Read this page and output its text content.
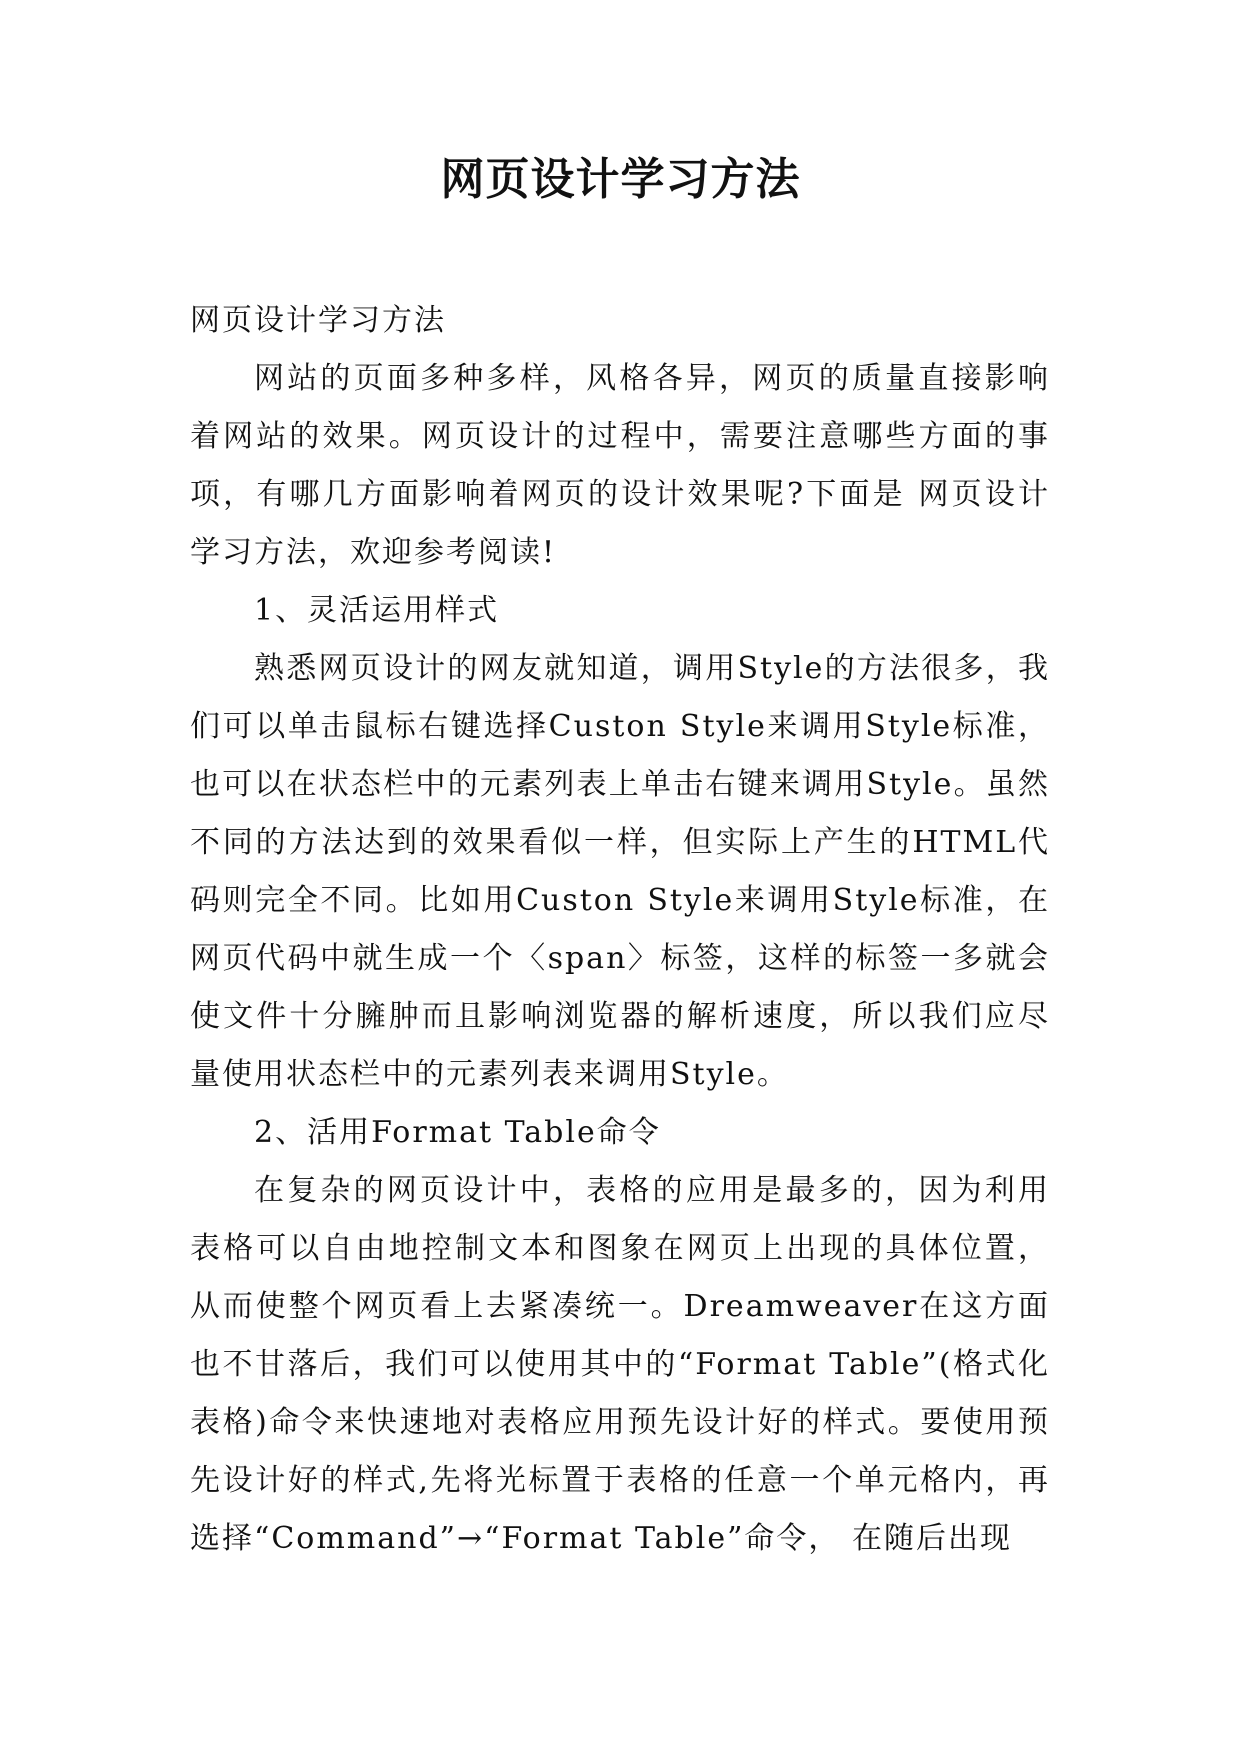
网页设计学习方法

网页设计学习方法

网站的页面多种多样，风格各异，网页的质量直接影响着网站的效果。网页设计的过程中，需要注意哪些方面的事项，有哪几方面影响着网页的设计效果呢?下面是 网页设计学习方法，欢迎参考阅读!

1、灵活运用样式

熟悉网页设计的网友就知道，调用Style的方法很多，我们可以单击鼠标右键选择Custon Style来调用Style标准，也可以在状态栏中的元素列表上单击右键来调用Style。虽然不同的方法达到的效果看似一样，但实际上产生的HTML代码则完全不同。比如用Custon Style来调用Style标准，在网页代码中就生成一个〈span〉标签，这样的标签一多就会使文件十分臃肿而且影响浏览器的解析速度，所以我们应尽量使用状态栏中的元素列表来调用Style。

2、活用Format Table命令

在复杂的网页设计中，表格的应用是最多的，因为利用表格可以自由地控制文本和图象在网页上出现的具体位置，从而使整个网页看上去紧凑统一。Dreamweaver在这方面也不甘落后，我们可以使用其中的“Format Table”(格式化表格)命令来快速地对表格应用预先设计好的样式。要使用预先设计好的样式,先将光标置于表格的任意一个单元格内，再选择“Command”→“Format Table”命令， 在随后出现
